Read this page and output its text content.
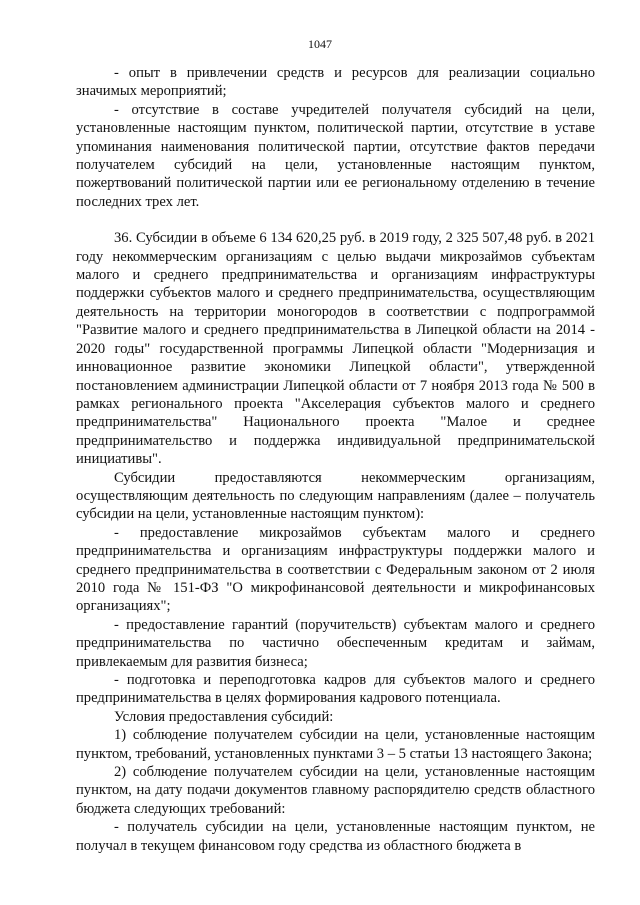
1047

- опыт в привлечении средств и ресурсов для реализации социально значимых мероприятий;

- отсутствие в составе учредителей получателя субсидий на цели, установленные настоящим пунктом, политической партии, отсутствие в уставе упоминания наименования политической партии, отсутствие фактов передачи получателем субсидий на цели, установленные настоящим пунктом, пожертвований политической партии или ее региональному отделению в течение последних трех лет.

36. Субсидии в объеме 6 134 620,25 руб. в 2019 году, 2 325 507,48 руб. в 2021 году некоммерческим организациям с целью выдачи микрозаймов субъектам малого и среднего предпринимательства и организациям инфраструктуры поддержки субъектов малого и среднего предпринимательства, осуществляющим деятельность на территории моногородов в соответствии с подпрограммой "Развитие малого и среднего предпринимательства в Липецкой области на 2014 - 2020 годы" государственной программы Липецкой области "Модернизация и инновационное развитие экономики Липецкой области", утвержденной постановлением администрации Липецкой области от 7 ноября 2013 года № 500 в рамках регионального проекта "Акселерация субъектов малого и среднего предпринимательства" Национального проекта "Малое и среднее предпринимательство и поддержка индивидуальной предпринимательской инициативы".

Субсидии предоставляются некоммерческим организациям, осуществляющим деятельность по следующим направлениям (далее – получатель субсидии на цели, установленные настоящим пунктом):

- предоставление микрозаймов субъектам малого и среднего предпринимательства и организациям инфраструктуры поддержки малого и среднего предпринимательства в соответствии с Федеральным законом от 2 июля 2010 года № 151-ФЗ "О микрофинансовой деятельности и микрофинансовых организациях";

- предоставление гарантий (поручительств) субъектам малого и среднего предпринимательства по частично обеспеченным кредитам и займам, привлекаемым для развития бизнеса;

- подготовка и переподготовка кадров для субъектов малого и среднего предпринимательства в целях формирования кадрового потенциала.

Условия предоставления субсидий:

1) соблюдение получателем субсидии на цели, установленные настоящим пунктом, требований, установленных пунктами 3 – 5 статьи 13 настоящего Закона;

2) соблюдение получателем субсидии на цели, установленные настоящим пунктом, на дату подачи документов главному распорядителю средств областного бюджета следующих требований:

- получатель субсидии на цели, установленные настоящим пунктом, не получал в текущем финансовом году средства из областного бюджета в
